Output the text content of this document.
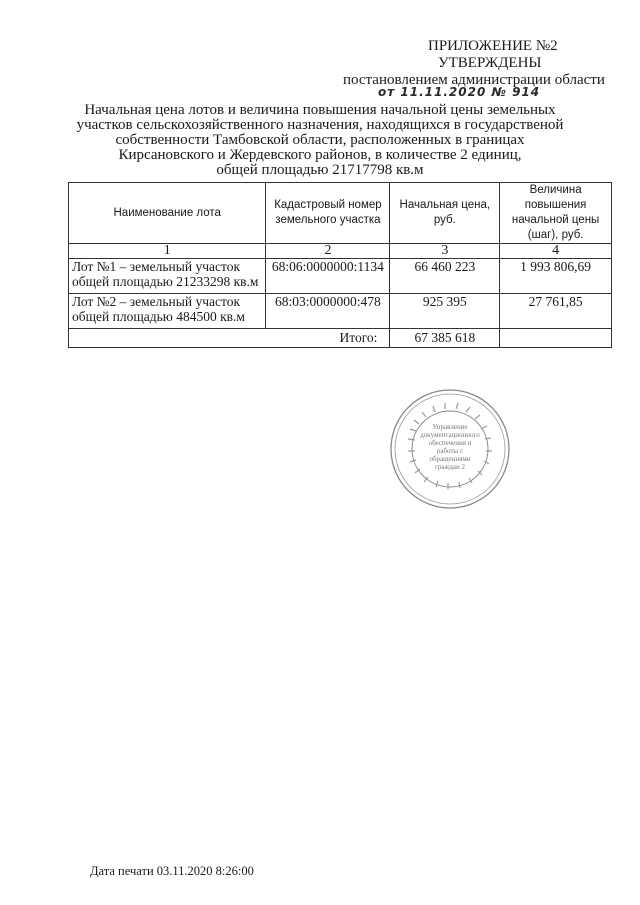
ПРИЛОЖЕНИЕ №2
УТВЕРЖДЕНЫ
постановлением администрации области
от 11.11.2020 № 914
Начальная цена лотов и величина повышения начальной цены земельных
участков сельскохозяйственного назначения, находящихся в государственой
собственности Тамбовской области, расположенных в границах
Кирсановского и Жердевского районов, в количестве 2 единиц,
общей площадью 21717798 кв.м
Наименование лота	Кадастровый номер земельного участка	Начальная цена, руб.	Величина повышения начальной цены (шаг), руб.
1	2	3	4
Лот №1 – земельный участок общей площадью 21233298 кв.м	68:06:0000000:1134	66 460 223	1 993 806,69
Лот №2 – земельный участок общей площадью 484500 кв.м	68:03:0000000:478	925 395	27 761,85
Итого:		67 385 618	
Управление документационного обеспечения и работы с обращениями граждан 2
Дата печати 03.11.2020 8:26:00
